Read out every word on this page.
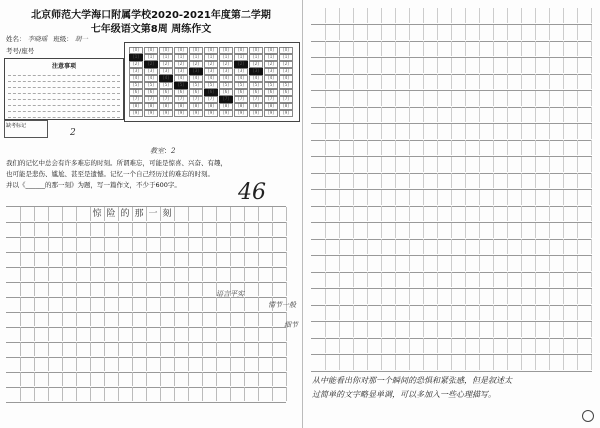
北京师范大学海口附属学校2020-2021年度第二学期
七年级语文第8周 周练作文
姓名： 李晓瑶 班级： 胡一
考号/座号
注意事项
[0]	[0]	[0]	[0]	[0]	[0]	[0]	[0]	[0]	[0]	[0]
[1]	[1]	[1]	[1]	[1]	[1]	[1]	[1]	[1]	[1]	[1]
[2]	[2]	[2]	[2]	[2]	[2]	[2]	[2]	[2]	[2]	[2]
[3]	[3]	[3]	[3]	[3]	[3]	[3]	[3]	[3]	[3]	[3]
[4]	[4]	[4]	[4]	[4]	[4]	[4]	[4]	[4]	[4]	[4]
[5]	[5]	[5]	[5]	[5]	[5]	[5]	[5]	[5]	[5]	[5]
[6]	[6]	[6]	[6]	[6]	[6]	[6]	[6]	[6]	[6]	[6]
[7]	[7]	[7]	[7]	[7]	[7]	[7]	[7]	[7]	[7]	[7]
[8]	[8]	[8]	[8]	[8]	[8]	[8]	[8]	[8]	[8]	[8]
[9]	[9]	[9]	[9]	[9]	[9]	[9]	[9]	[9]	[9]	[9]
缺考标记
2
教室：2
我们的记忆中总会有许多难忘的时刻。所谓难忘，可能是惊喜、兴奋、有趣，也可能是悲伤、尴尬、甚至是遗憾。记忆一个自己经历过的难忘的时刻。
并以《______的那一刻》为题，写一篇作文，不少于600字。	46
惊 险 的 那 一 刻
语言平实
情节一般
细节
从中能看出你对那一个瞬间的恐惧和紧张感，但是叙述太
过简单的文字略显单调，可以多加入一些心理描写。
